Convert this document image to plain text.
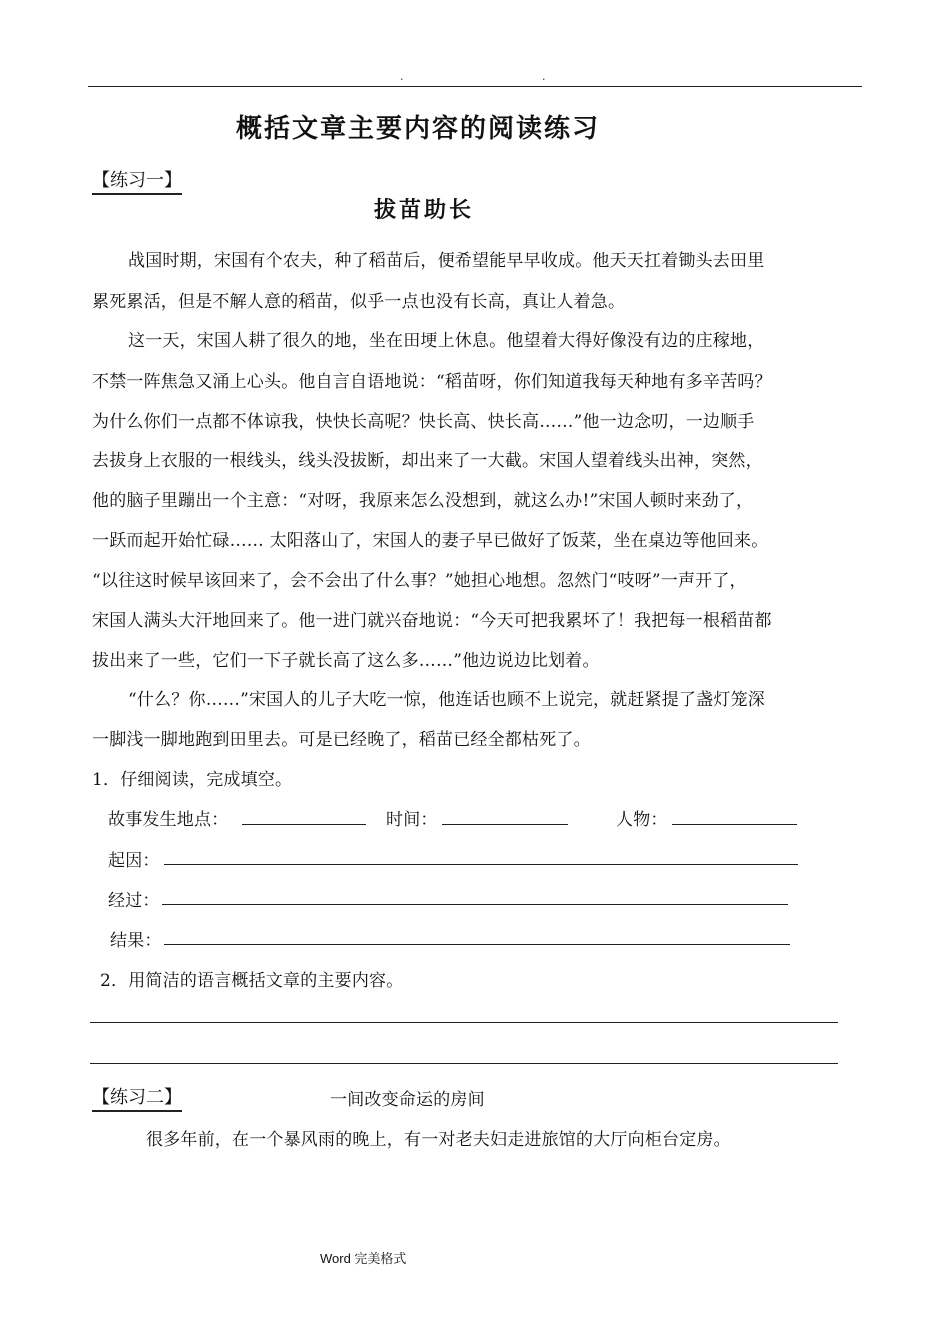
.	.
概括文章主要内容的阅读练习
【练习一】
拔苗助长
战国时期，宋国有个农夫，种了稻苗后，便希望能早早收成。他天天扛着锄头去田里
累死累活，但是不解人意的稻苗，似乎一点也没有长高，真让人着急。
这一天，宋国人耕了很久的地，坐在田埂上休息。他望着大得好像没有边的庄稼地，
不禁一阵焦急又涌上心头。他自言自语地说：“稻苗呀，你们知道我每天种地有多辛苦吗？
为什么你们一点都不体谅我，快快长高呢？快长高、快长高……”他一边念叨，一边顺手
去拔身上衣服的一根线头，线头没拔断，却出来了一大截。宋国人望着线头出神，突然，
他的脑子里蹦出一个主意：“对呀，我原来怎么没想到，就这么办!”宋国人顿时来劲了，
一跃而起开始忙碌…… 太阳落山了，宋国人的妻子早已做好了饭菜，坐在桌边等他回来。
“以往这时候早该回来了，会不会出了什么事？”她担心地想。忽然门“吱呀”一声开了，
宋国人满头大汗地回来了。他一进门就兴奋地说：“今天可把我累坏了！我把每一根稻苗都
拔出来了一些，它们一下子就长高了这么多……”他边说边比划着。
“什么？你……”宋国人的儿子大吃一惊，他连话也顾不上说完，就赶紧提了盏灯笼深
一脚浅一脚地跑到田里去。可是已经晚了，稻苗已经全都枯死了。
1．仔细阅读，完成填空。
故事发生地点：	时间：	人物：
起因：
经过：
结果：
2．用简洁的语言概括文章的主要内容。
【练习二】	一间改变命运的房间
很多年前，在一个暴风雨的晚上，有一对老夫妇走进旅馆的大厅向柜台定房。
Word 完美格式
